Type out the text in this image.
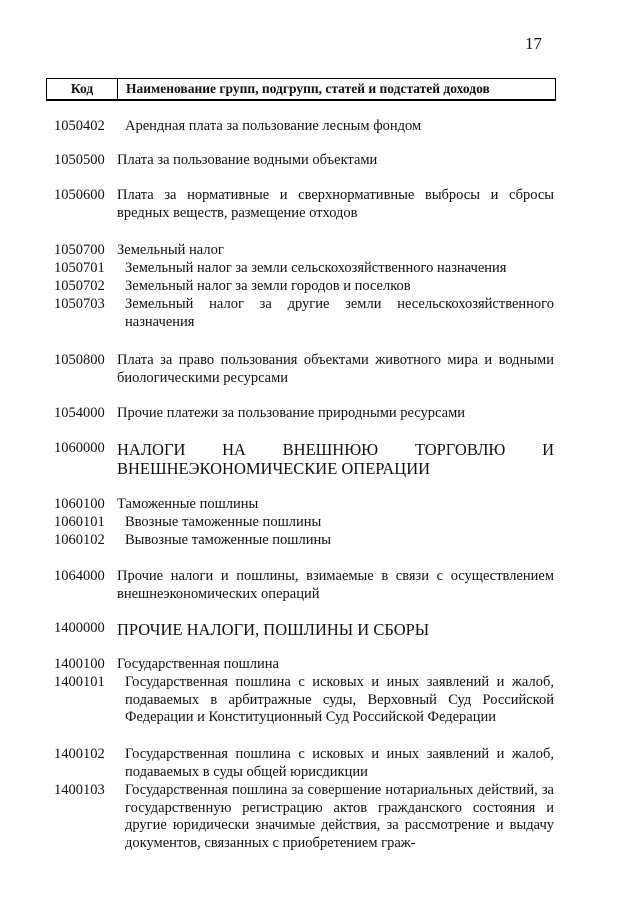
17
Код	Наименование групп, подгрупп, статей и подстатей доходов
1050402	Арендная плата за пользование лесным фондом
1050500 Плата за пользование водными объектами
1050600 Плата за нормативные и сверхнормативные выбросы и сбросы вредных веществ, размещение отходов
1050700 Земельный налог
1050701	Земельный налог за земли сельскохозяйственного назначения
1050702	Земельный налог за земли городов и поселков
1050703	Земельный налог за другие земли несельскохозяйственного назначения
1050800 Плата за право пользования объектами животного мира и водными биологическими ресурсами
1054000 Прочие платежи за пользование природными ресурсами
1060000 НАЛОГИ НА ВНЕШНЮЮ ТОРГОВЛЮ И ВНЕШНЕЭКОНОМИЧЕСКИЕ ОПЕРАЦИИ
1060100 Таможенные пошлины
1060101	Ввозные таможенные пошлины
1060102	Вывозные таможенные пошлины
1064000 Прочие налоги и пошлины, взимаемые в связи с осуществлением внешнеэкономических операций
1400000 ПРОЧИЕ НАЛОГИ, ПОШЛИНЫ И СБОРЫ
1400100 Государственная пошлина
1400101	Государственная пошлина с исковых и иных заявлений и жалоб, подаваемых в арбитражные суды, Верховный Суд Российской Федерации и Конституционный Суд Российской Федерации
1400102	Государственная пошлина с исковых и иных заявлений и жалоб, подаваемых в суды общей юрисдикции
1400103	Государственная пошлина за совершение нотариальных действий, за государственную регистрацию актов гражданского состояния и другие юридически значимые действия, за рассмотрение и выдачу документов, связанных с приобретением граж-
